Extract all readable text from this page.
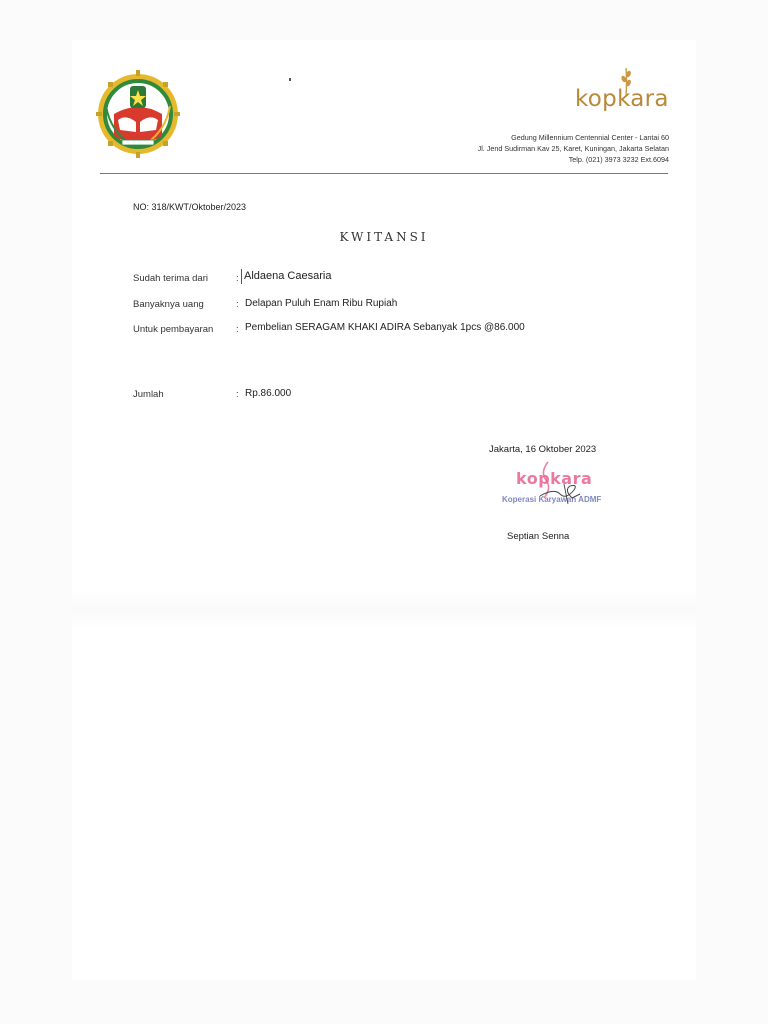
kopkara
Gedung Millennium Centennial Center - Lantai 60
Jl. Jend Sudirman Kav 25, Karet, Kuningan, Jakarta Selatan
Telp. (021) 3973 3232 Ext.6094
NO: 318/KWT/Oktober/2023
KWITANSI
Sudah terima dari	: Aldaena Caesaria
Banyaknya uang	: Delapan Puluh Enam Ribu Rupiah
Untuk pembayaran : Pembelian SERAGAM KHAKI ADIRA Sebanyak 1pcs @86.000
Jumlah	: Rp.86.000
Jakarta, 16 Oktober 2023
kopkara
Koperasi Karyawan ADMF
Septian Senna
